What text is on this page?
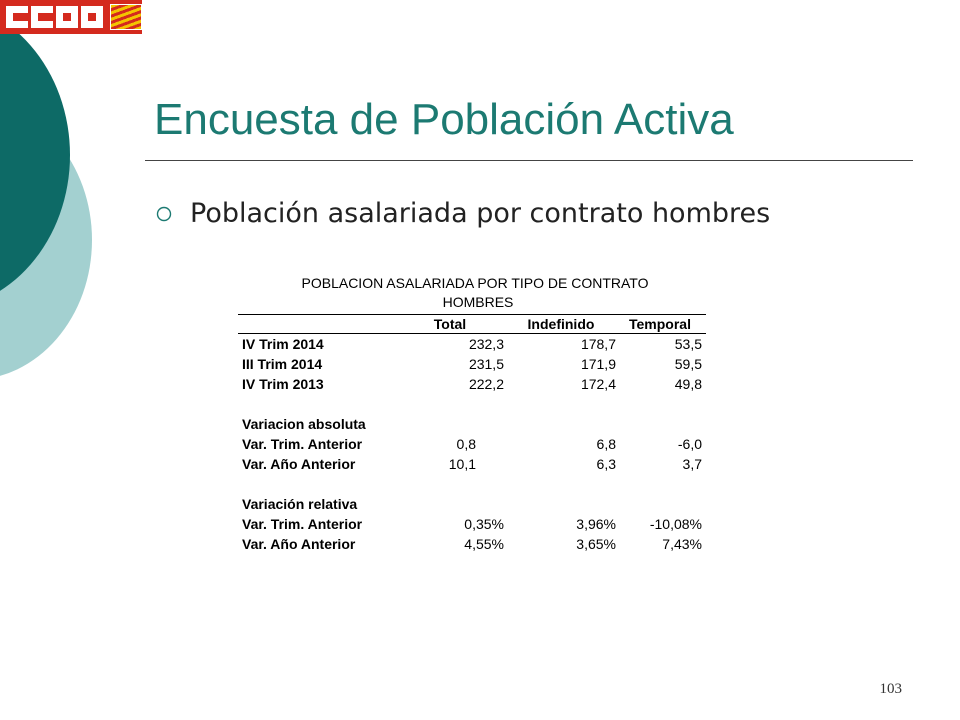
Encuesta de Población Activa
Población asalariada por contrato hombres
POBLACION ASALARIADA POR TIPO DE CONTRATO
HOMBRES
Total	Indefinido	Temporal
IV Trim 2014	232,3	178,7	53,5
III Trim 2014	231,5	171,9	59,5
IV Trim 2013	222,2	172,4	49,8
Variacion absoluta
Var. Trim. Anterior	0,8	6,8	-6,0
Var. Año Anterior	10,1	6,3	3,7
Variación relativa
Var. Trim. Anterior	0,35%	3,96%	-10,08%
Var. Año Anterior	4,55%	3,65%	7,43%
103
